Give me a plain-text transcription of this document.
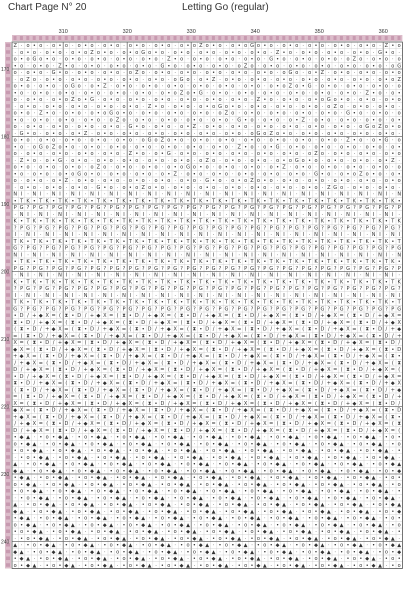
Chart Page N° 20	Letting Go (regular)
310	320	330	340	350	360
170
180
190
200
210
220
230
240
Z · o • o · o • o · o • o · o • o · o • o · o • o · o • o Z o • o · o • o G o • o · o • o · o • o · o • o · o • o · Z • o
· o • o · o • o · o • o Z o • o · o • o G o • o · o • o · o • o · o • o · o • o · Z • o · o • o · o • o · o • o · G • o ·
o • o G o • o · o • o · o • o · o • o · o • o · Z • o · o • o · o • o · o • o · G • o · o • o · o • o · o Z o · o • o · o
• o · o • o · Z • o · o • o · o • o · o • o · G • o · o • o · o • o · o Z o · o • o · o • o · o • o · o • o · o • o · o G
o · o • o · G • o · o • o · o • o · o Z o · o • o · o • o · o • o · o • o · o • o · o G o · o • Z · o • o · o • o · o • o
· o Z o · o • o · o • o · o • o · o • o · o • o · o G o · o • Z · o • o · o • o · o • o · o • o · o • o · o • o · o • o Z
o • o · o • o · o G o · o • Z · o • o · o • o · o • o · o • o · o • o · o • o · o • o Z o • G · o • o · o • o · o • o · o
• o · o • o · o • o · o • o · o • o · o • o · o • o Z o • G · o • o · o • o · o • o · o • o · o • o · o • o · Z • o · o •
o · o • o · o • o Z o • G · o • o · o • o · o • o · o • o · o • o · o • o · Z • o · o • o · o • o G o • o · o • o · o • o
· o • o · o • o · o • o · o • o · o • o · Z • o · o • o · o • o G o • o · o • o · o • o · o • o · o Z o · o • o · o • o ·
o • o · Z • o · o • o · o • o G o • o · o • o · o • o · o • o · o Z o · o • o · o • o · o • o · o • o · G • o · o • o · o
• o · o • o · o • o · o • o · o Z o · o • o · o • o · o • o · o • o · G • o · o • o · o • Z · o • o · o • o · o • o · o •
o · o • o · o • o · o • o · o • o · G • o · o • o · o • Z · o • o · o • o · o • o · o • o · o • o · o • o · o G o Z o • o
· G • o · o • o · o • Z · o • o · o • o · o • o · o • o · o • o · o • o · o G o Z o • o · o • o · o • o · o • o · o • o ·
o • o · o • o · o • o · o • o · o • o · o G o Z o • o · o • o · o • o · o • o · o • o · o • o · o • o · Z • o · o • G · o
• o · o G o Z o • o · o • o · o • o · o • o · o • o · o • o · o • o · Z • o · o • G · o • o · o • o · o • o · o • o · o •
o · o • o · o • o · o • o · o • o · Z • o · o • G · o • o · o • o · o • o · o • o · o • o · o Z o · o • o · o • o · o • o
· Z • o · o • G · o • o · o • o · o • o · o • o · o • o · o Z o · o • o · o • o · o • o G o • o · o • o · o • o · o • Z ·
o • o · o • o · o • o · o Z o · o • o · o • o · o • o G o • o · o • o · o • o · o • Z · o • o · o • o · o • o · o • o · o
• o · o • o · o • o G o • o · o • o · o • o · o • Z · o • o · o • o · o • o · o • o · o • o · G • o · o • o Z o • o · o •
o · o • o · o • Z · o • o · o • o · o • o · o • o · o • o · G • o · o • o Z o • o · o • o · o • o · o • o · o • o · o • o
· o • o · o • o · o • o · G • o · o • o Z o • o · o • o · o • o · o • o · o • o · o • o · o • o · Z G o · o • o · o • o ·
N I · N I · N I · N I · N I · N I · N I · N I · N I · N I · N I · N I · N I · N I · N I · N I · N I · N I · N I · N I · N
• T K • T K • T K • T K • T K • T K • T K • T K • T K • T K • T K • T K • T K • T K • T K • T K • T K • T K • T K • T K •
P G ? P G ? P G ? P G ? P G ? P G ? P G ? P G ? P G ? P G ? P G ? P G ? P G ? P G ? P G ? P G ? P G ? P G ? P G ? P G ? P
· N I · N I · N I · N I · N I · N I · N I · N I · N I · N I · N I · N I · N I · N I · N I · N I · N I · N I · N I · N I ·
K • T K • T K • T K • T K • T K • T K • T K • T K • T K • T K • T K • T K • T K • T K • T K • T K • T K • T K • T K • T K
? P G ? P G ? P G ? P G ? P G ? P G ? P G ? P G ? P G ? P G ? P G ? P G ? P G ? P G ? P G ? P G ? P G ? P G ? P G ? P G ?
I · N I · N I · N I · N I · N I · N I · N I · N I · N I · N I · N I · N I · N I · N I · N I · N I · N I · N I · N I · N I
T K • T K • T K • T K • T K • T K • T K • T K • T K • T K • T K • T K • T K • T K • T K • T K • T K • T K • T K • T K • T
G ? P G ? P G ? P G ? P G ? P G ? P G ? P G ? P G ? P G ? P G ? P G ? P G ? P G ? P G ? P G ? P G ? P G ? P G ? P G ? P G
N I · N I · N I · N I · N I · N I · N I · N I · N I · N I · N I · N I · N I · N I · N I · N I · N I · N I · N I · N I · N
• T K • T K • T K • T K • T K • T K • T K • T K • T K • T K • T K • T K • T K • T K • T K • T K • T K • T K • T K • T K •
P G ? P G ? P G ? P G ? P G ? P G ? P G ? P G ? P G ? P G ? P G ? P G ? P G ? P G ? P G ? P G ? P G ? P G ? P G ? P G ? P
· N I · N I · N I · N I · N I · N I · N I · N I · N I · N I · N I · N I · N I · N I · N I · N I · N I · N I · N I · N I ·
K • T K • T K • T K • T K • T K • T K • T K • T K • T K • T K • T K • T K • T K • T K • T K • T K • T K • T K • T K • T K
? P G ? P G ? P G ? P G ? P G ? P G ? P G ? P G ? P G ? P G ? P G ? P G ? P G ? P G ? P G ? P G ? P G ? P G ? P G ? P G ?
I · N I · N I · N I · N I · N I · N I · N I · N I · N I · N I · N I · N I · N I · N I · N I · N I · N I · N I · N I · N I
T K • T K • T K • T K • T K • T K • T K • T K • T K • T K • T K • T K • T K • T K • T K • T K • T K • T K • T K • T K • T
G ? P G ? P G ? P G ? P G ? P G ? P G ? P G ? P G ? P G ? P G ? P G ? P G ? P G ? P G ? P G ? P G ? P G ? P G ? P G ? P G
• D / + ◆ X = ( ⧗ • D / + ◆ X = ( ⧗ • D / + ◆ X = ( ⧗ • D / + ◆ X = ( ⧗ • D / + ◆ X = ( ⧗ • D / + ◆ X = ( ⧗ • D / + ◆ X =
⧗ • D / + ◆ X = ( ⧗ • D / + ◆ X = ( ⧗ • D / + ◆ X = ( ⧗ • D / + ◆ X = ( ⧗ • D / + ◆ X = ( ⧗ • D / + ◆ X = ( ⧗ • D / + ◆ X
( ⧗ • D / + ◆ X = ( ⧗ • D / + ◆ X = ( ⧗ • D / + ◆ X = ( ⧗ • D / + ◆ X = ( ⧗ • D / + ◆ X = ( ⧗ • D / + ◆ X = ( ⧗ • D / + ◆
= ( ⧗ • D / + ◆ X = ( ⧗ • D / + ◆ X = ( ⧗ • D / + ◆ X = ( ⧗ • D / + ◆ X = ( ⧗ • D / + ◆ X = ( ⧗ • D / + ◆ X = ( ⧗ • D / +
X = ( ⧗ • D / + ◆ X = ( ⧗ • D / + ◆ X = ( ⧗ • D / + ◆ X = ( ⧗ • D / + ◆ X = ( ⧗ • D / + ◆ X = ( ⧗ • D / + ◆ X = ( ⧗ • D /
◆ X = ( ⧗ • D / + ◆ X = ( ⧗ • D / + ◆ X = ( ⧗ • D / + ◆ X = ( ⧗ • D / + ◆ X = ( ⧗ • D / + ◆ X = ( ⧗ • D / + ◆ X = ( ⧗ • D
+ ◆ X = ( ⧗ • D / + ◆ X = ( ⧗ • D / + ◆ X = ( ⧗ • D / + ◆ X = ( ⧗ • D / + ◆ X = ( ⧗ • D / + ◆ X = ( ⧗ • D / + ◆ X = ( ⧗ •
/ + ◆ X = ( ⧗ • D / + ◆ X = ( ⧗ • D / + ◆ X = ( ⧗ • D / + ◆ X = ( ⧗ • D / + ◆ X = ( ⧗ • D / + ◆ X = ( ⧗ • D / + ◆ X = ( ⧗
D / + ◆ X = ( ⧗ • D / + ◆ X = ( ⧗ • D / + ◆ X = ( ⧗ • D / + ◆ X = ( ⧗ • D / + ◆ X = ( ⧗ • D / + ◆ X = ( ⧗ • D / + ◆ X = (
• D / + ◆ X = ( ⧗ • D / + ◆ X = ( ⧗ • D / + ◆ X = ( ⧗ • D / + ◆ X = ( ⧗ • D / + ◆ X = ( ⧗ • D / + ◆ X = ( ⧗ • D / + ◆ X =
⧗ • D / + ◆ X = ( ⧗ • D / + ◆ X = ( ⧗ • D / + ◆ X = ( ⧗ • D / + ◆ X = ( ⧗ • D / + ◆ X = ( ⧗ • D / + ◆ X = ( ⧗ • D / + ◆ X
( ⧗ • D / + ◆ X = ( ⧗ • D / + ◆ X = ( ⧗ • D / + ◆ X = ( ⧗ • D / + ◆ X = ( ⧗ • D / + ◆ X = ( ⧗ • D / + ◆ X = ( ⧗ • D / + ◆
= ( ⧗ • D / + ◆ X = ( ⧗ • D / + ◆ X = ( ⧗ • D / + ◆ X = ( ⧗ • D / + ◆ X = ( ⧗ • D / + ◆ X = ( ⧗ • D / + ◆ X = ( ⧗ • D / +
X = ( ⧗ • D / + ◆ X = ( ⧗ • D / + ◆ X = ( ⧗ • D / + ◆ X = ( ⧗ • D / + ◆ X = ( ⧗ • D / + ◆ X = ( ⧗ • D / + ◆ X = ( ⧗ • D /
◆ X = ( ⧗ • D / + ◆ X = ( ⧗ • D / + ◆ X = ( ⧗ • D / + ◆ X = ( ⧗ • D / + ◆ X = ( ⧗ • D / + ◆ X = ( ⧗ • D / + ◆ X = ( ⧗ • D
+ ◆ X = ( ⧗ • D / + ◆ X = ( ⧗ • D / + ◆ X = ( ⧗ • D / + ◆ X = ( ⧗ • D / + ◆ X = ( ⧗ • D / + ◆ X = ( ⧗ • D / + ◆ X = ( ⧗ •
/ + ◆ X = ( ⧗ • D / + ◆ X = ( ⧗ • D / + ◆ X = ( ⧗ • D / + ◆ X = ( ⧗ • D / + ◆ X = ( ⧗ • D / + ◆ X = ( ⧗ • D / + ◆ X = ( ⧗
D / + ◆ X = ( ⧗ • D / + ◆ X = ( ⧗ • D / + ◆ X = ( ⧗ • D / + ◆ X = ( ⧗ • D / + ◆ X = ( ⧗ • D / + ◆ X = ( ⧗ • D / + ◆ X = (
• ◆ ▲ · • o • ◆ ▲ · • o • ◆ ▲ · • o • ◆ ▲ · • o • ◆ ▲ · • o • ◆ ▲ · • o • ◆ ▲ · • o • ◆ ▲ · • o • ◆ ▲ · • o • ◆ ▲ · • o •
o • ◆ ▲ · • o • ◆ ▲ · • o • ◆ ▲ · • o • ◆ ▲ · • o • ◆ ▲ · • o • ◆ ▲ · • o • ◆ ▲ · • o • ◆ ▲ · • o • ◆ ▲ · • o • ◆ ▲ · • o
• o • ◆ ▲ · • o • ◆ ▲ · • o • ◆ ▲ · • o • ◆ ▲ · • o • ◆ ▲ · • o • ◆ ▲ · • o • ◆ ▲ · • o • ◆ ▲ · • o • ◆ ▲ · • o • ◆ ▲ · •
· • o • ◆ ▲ · • o • ◆ ▲ · • o • ◆ ▲ · • o • ◆ ▲ · • o • ◆ ▲ · • o • ◆ ▲ · • o • ◆ ▲ · • o • ◆ ▲ · • o • ◆ ▲ · • o • ◆ ▲ ·
▲ · • o • ◆ ▲ · • o • ◆ ▲ · • o • ◆ ▲ · • o • ◆ ▲ · • o • ◆ ▲ · • o • ◆ ▲ · • o • ◆ ▲ · • o • ◆ ▲ · • o • ◆ ▲ · • o • ◆ ▲
◆ ▲ · • o • ◆ ▲ · • o • ◆ ▲ · • o • ◆ ▲ · • o • ◆ ▲ · • o • ◆ ▲ · • o • ◆ ▲ · • o • ◆ ▲ · • o • ◆ ▲ · • o • ◆ ▲ · • o • ◆
• ◆ ▲ · • o • ◆ ▲ · • o • ◆ ▲ · • o • ◆ ▲ · • o • ◆ ▲ · • o • ◆ ▲ · • o • ◆ ▲ · • o • ◆ ▲ · • o • ◆ ▲ · • o • ◆ ▲ · • o •
o • ◆ ▲ · • o • ◆ ▲ · • o • ◆ ▲ · • o • ◆ ▲ · • o • ◆ ▲ · • o • ◆ ▲ · • o • ◆ ▲ · • o • ◆ ▲ · • o • ◆ ▲ · • o • ◆ ▲ · • o
• o • ◆ ▲ · • o • ◆ ▲ · • o • ◆ ▲ · • o • ◆ ▲ · • o • ◆ ▲ · • o • ◆ ▲ · • o • ◆ ▲ · • o • ◆ ▲ · • o • ◆ ▲ · • o • ◆ ▲ · •
· • o • ◆ ▲ · • o • ◆ ▲ · • o • ◆ ▲ · • o • ◆ ▲ · • o • ◆ ▲ · • o • ◆ ▲ · • o • ◆ ▲ · • o • ◆ ▲ · • o • ◆ ▲ · • o • ◆ ▲ ·
▲ · • o • ◆ ▲ · • o • ◆ ▲ · • o • ◆ ▲ · • o • ◆ ▲ · • o • ◆ ▲ · • o • ◆ ▲ · • o • ◆ ▲ · • o • ◆ ▲ · • o • ◆ ▲ · • o • ◆ ▲
◆ ▲ · • o • ◆ ▲ · • o • ◆ ▲ · • o • ◆ ▲ · • o • ◆ ▲ · • o • ◆ ▲ · • o • ◆ ▲ · • o • ◆ ▲ · • o • ◆ ▲ · • o • ◆ ▲ · • o • ◆
• ◆ ▲ · • o • ◆ ▲ · • o • ◆ ▲ · • o • ◆ ▲ · • o • ◆ ▲ · • o • ◆ ▲ · • o • ◆ ▲ · • o • ◆ ▲ · • o • ◆ ▲ · • o • ◆ ▲ · • o •
o • ◆ ▲ · • o • ◆ ▲ · • o • ◆ ▲ · • o • ◆ ▲ · • o • ◆ ▲ · • o • ◆ ▲ · • o • ◆ ▲ · • o • ◆ ▲ · • o • ◆ ▲ · • o • ◆ ▲ · • o
• o • ◆ ▲ · • o • ◆ ▲ · • o • ◆ ▲ · • o • ◆ ▲ · • o • ◆ ▲ · • o • ◆ ▲ · • o • ◆ ▲ · • o • ◆ ▲ · • o • ◆ ▲ · • o • ◆ ▲ · •
· • o • ◆ ▲ · • o • ◆ ▲ · • o • ◆ ▲ · • o • ◆ ▲ · • o • ◆ ▲ · • o • ◆ ▲ · • o • ◆ ▲ · • o • ◆ ▲ · • o • ◆ ▲ · • o • ◆ ▲ ·
▲ · • o • ◆ ▲ · • o • ◆ ▲ · • o • ◆ ▲ · • o • ◆ ▲ · • o • ◆ ▲ · • o • ◆ ▲ · • o • ◆ ▲ · • o • ◆ ▲ · • o • ◆ ▲ · • o • ◆ ▲
◆ ▲ · • o • ◆ ▲ · • o • ◆ ▲ · • o • ◆ ▲ · • o • ◆ ▲ · • o • ◆ ▲ · • o • ◆ ▲ · • o • ◆ ▲ · • o • ◆ ▲ · • o • ◆ ▲ · • o • ◆
• ◆ ▲ · • o • ◆ ▲ · • o • ◆ ▲ · • o • ◆ ▲ · • o • ◆ ▲ · • o • ◆ ▲ · • o • ◆ ▲ · • o • ◆ ▲ · • o • ◆ ▲ · • o • ◆ ▲ · • o •
o • ◆ ▲ · • o • ◆ ▲ · • o • ◆ ▲ · • o • ◆ ▲ · • o • ◆ ▲ · • o • ◆ ▲ · • o • ◆ ▲ · • o • ◆ ▲ · • o • ◆ ▲ · • o • ◆ ▲ · • o
